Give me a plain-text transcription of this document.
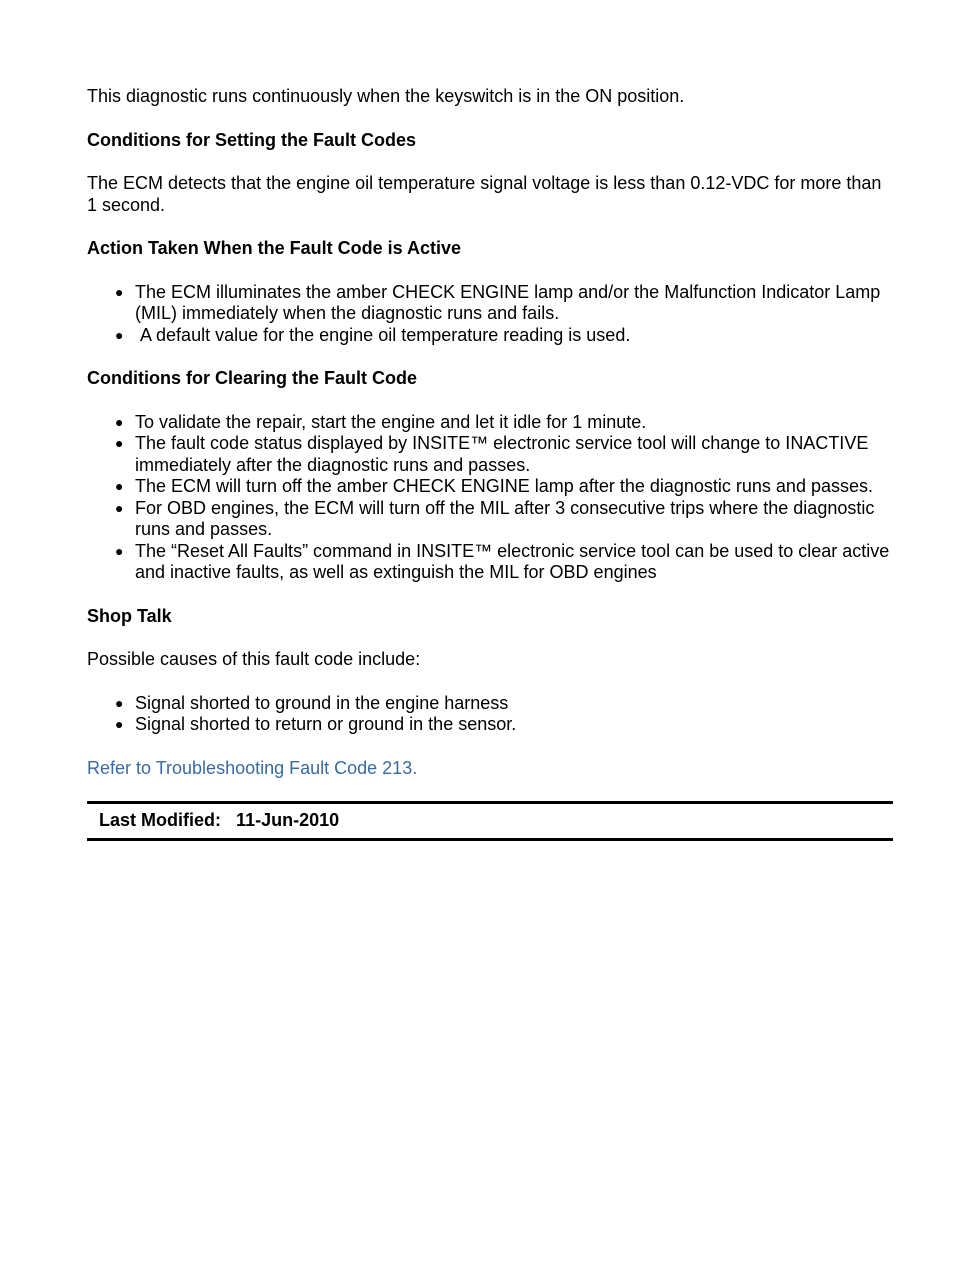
This diagnostic runs continuously when the keyswitch is in the ON position.

Conditions for Setting the Fault Codes

The ECM detects that the engine oil temperature signal voltage is less than 0.12-VDC for more than 1 second.

Action Taken When the Fault Code is Active
● The ECM illuminates the amber CHECK ENGINE lamp and/or the Malfunction Indicator Lamp (MIL) immediately when the diagnostic runs and fails.
● A default value for the engine oil temperature reading is used.
Conditions for Clearing the Fault Code
● To validate the repair, start the engine and let it idle for 1 minute.
● The fault code status displayed by INSITE™ electronic service tool will change to INACTIVE immediately after the diagnostic runs and passes.
● The ECM will turn off the amber CHECK ENGINE lamp after the diagnostic runs and passes.
● For OBD engines, the ECM will turn off the MIL after 3 consecutive trips where the diagnostic runs and passes.
● The “Reset All Faults” command in INSITE™ electronic service tool can be used to clear active and inactive faults, as well as extinguish the MIL for OBD engines
Shop Talk

Possible causes of this fault code include:

● Signal shorted to ground in the engine harness
● Signal shorted to return or ground in the sensor.

Refer to Troubleshooting Fault Code 213.

Last Modified: 11-Jun-2010
